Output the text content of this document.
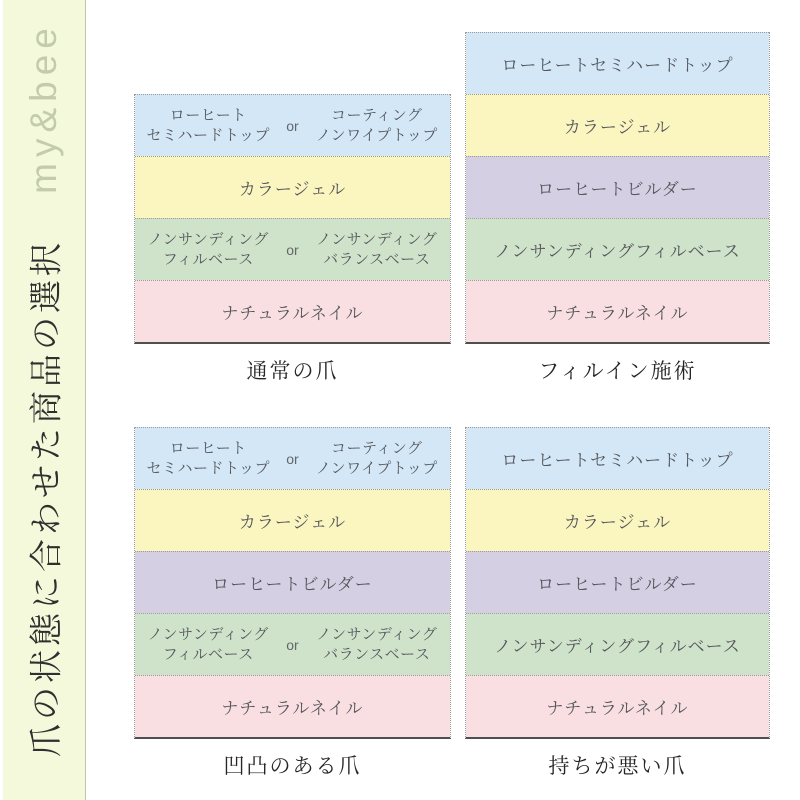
my&bee
爪の状態に合わせた商品の選択
ローヒート
セミハードトップ
or
コーティング
ノンワイプトップ
カラージェル
ノンサンディング
フィルベース
or
ノンサンディング
バランスベース
ナチュラルネイル
通常の爪
ローヒートセミハードトップ
カラージェル
ローヒートビルダー
ノンサンディングフィルベース
ナチュラルネイル
フィルイン施術
ローヒート
セミハードトップ
or
コーティング
ノンワイプトップ
カラージェル
ローヒートビルダー
ノンサンディング
フィルベース
or
ノンサンディング
バランスベース
ナチュラルネイル
凹凸のある爪
ローヒートセミハードトップ
カラージェル
ローヒートビルダー
ノンサンディングフィルベース
ナチュラルネイル
持ちが悪い爪
